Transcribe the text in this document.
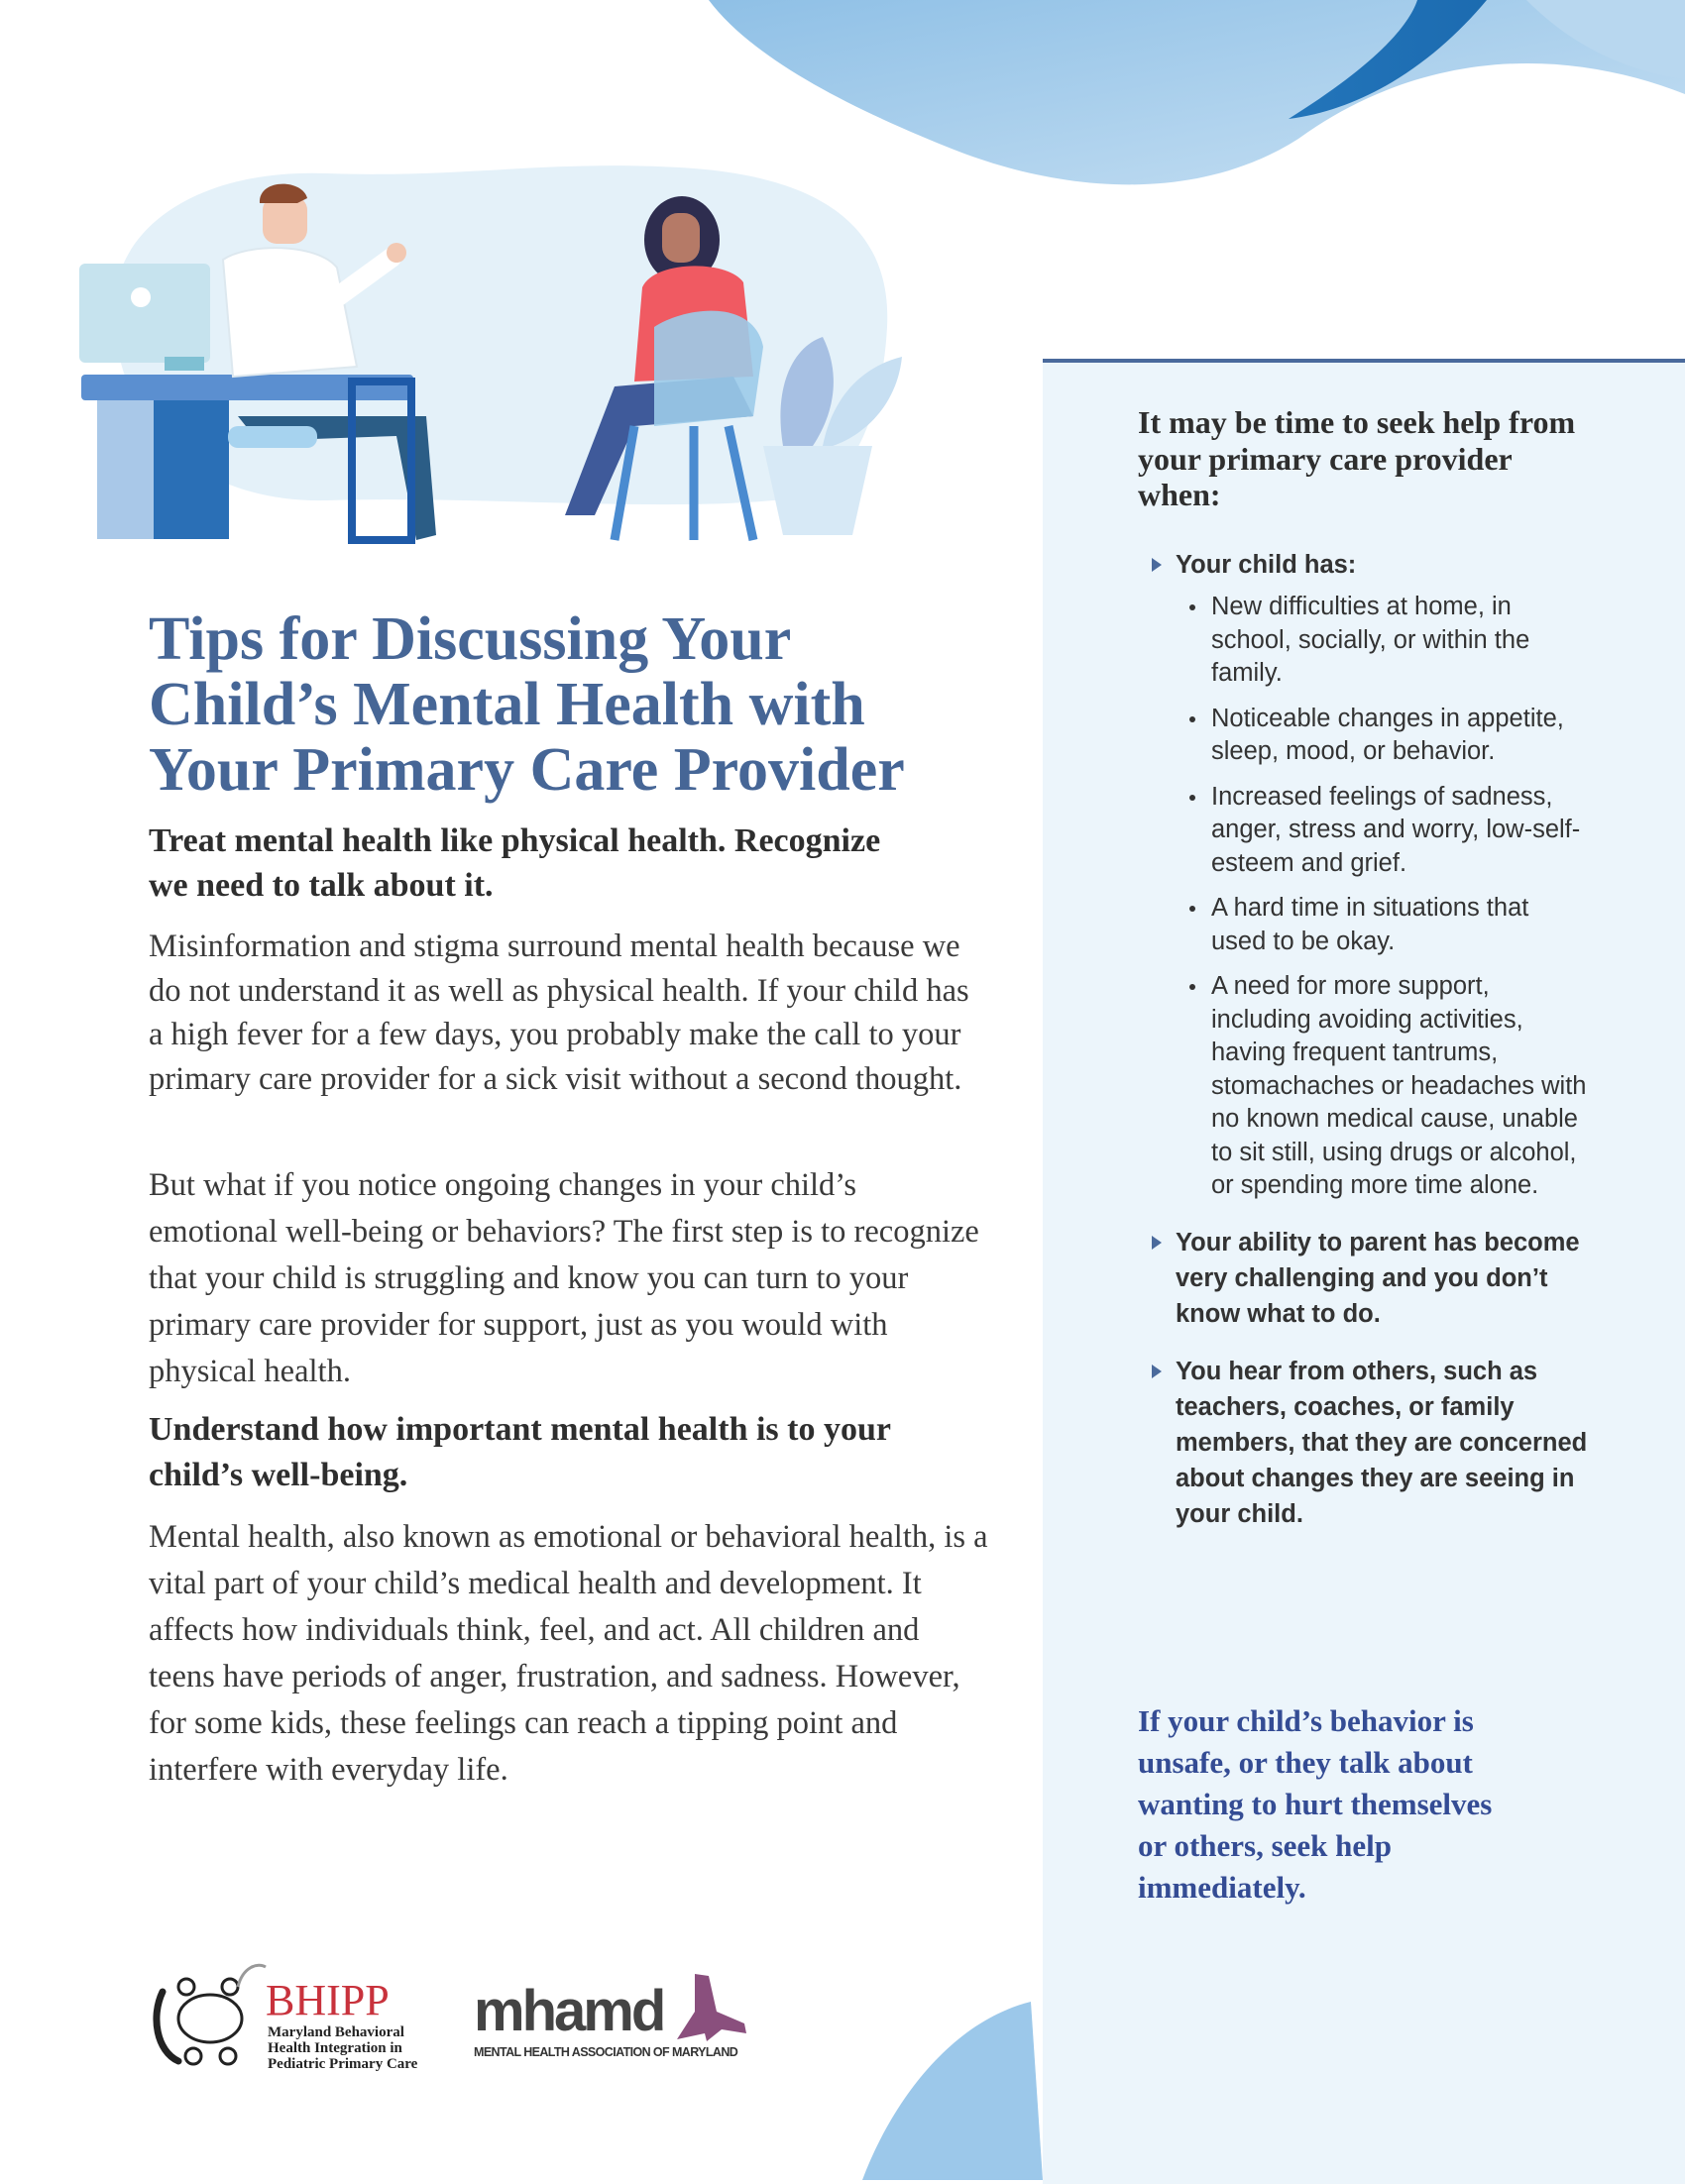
Tips for Discussing Your
Child’s Mental Health with
Your Primary Care Provider
Treat mental health like physical health. Recognize we need to talk about it.
Misinformation and stigma surround mental health because we do not understand it as well as physical health. If your child has a high fever for a few days, you probably make the call to your primary care provider for a sick visit without a second thought.
But what if you notice ongoing changes in your child’s emotional well-being or behaviors? The first step is to recognize that your child is struggling and know you can turn to your primary care provider for support, just as you would with physical health.
Understand how important mental health is to your child’s well-being.
Mental health, also known as emotional or behavioral health, is a vital part of your child’s medical health and development. It affects how individuals think, feel, and act. All children and teens have periods of anger, frustration, and sadness. However, for some kids, these feelings can reach a tipping point and interfere with everyday life.
It may be time to seek help from your primary care provider when:
Your child has:
New difficulties at home, in school, socially, or within the family.
Noticeable changes in appetite, sleep, mood, or behavior.
Increased feelings of sadness, anger, stress and worry, low-self-esteem and grief.
A hard time in situations that used to be okay.
A need for more support, including avoiding activities, having frequent tantrums, stomachaches or headaches with no known medical cause, unable to sit still, using drugs or alcohol, or spending more time alone.
Your ability to parent has become very challenging and you don’t know what to do.
You hear from others, such as teachers, coaches, or family members, that they are concerned about changes they are seeing in your child.
If your child’s behavior is unsafe, or they talk about wanting to hurt themselves or others, seek help immediately.
BHIPP
Maryland Behavioral
Health Integration in
Pediatric Primary Care
mhamd
MENTAL HEALTH ASSOCIATION OF MARYLAND
